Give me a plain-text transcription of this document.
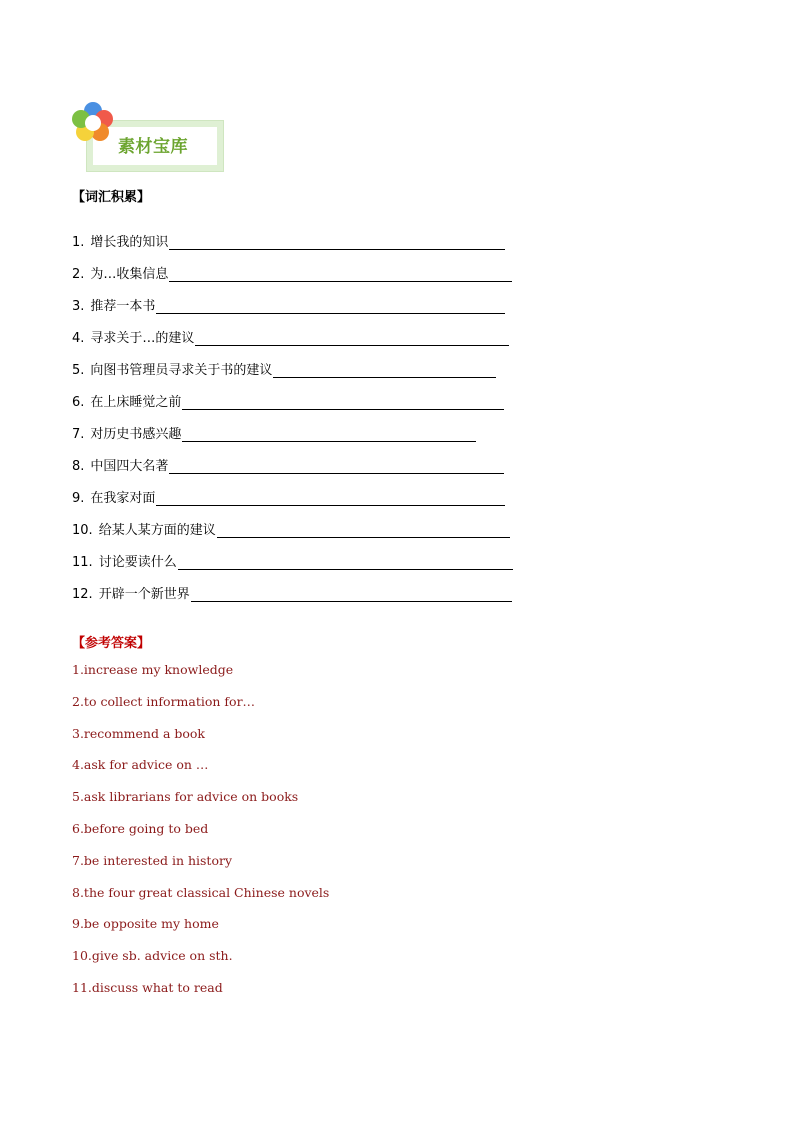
素材宝库
【词汇积累】
1. 增长我的知识
2. 为…收集信息
3. 推荐一本书
4. 寻求关于…的建议
5. 向图书管理员寻求关于书的建议
6. 在上床睡觉之前
7. 对历史书感兴趣
8. 中国四大名著
9. 在我家对面
10. 给某人某方面的建议
11. 讨论要读什么
12. 开辟一个新世界
【参考答案】
1.increase my knowledge
2.to collect information for…
3.recommend a book
4.ask for advice on …
5.ask librarians for advice on books
6.before going to bed
7.be interested in history
8.the four great classical Chinese novels
9.be opposite my home
10.give sb. advice on sth.
11.discuss what to read
